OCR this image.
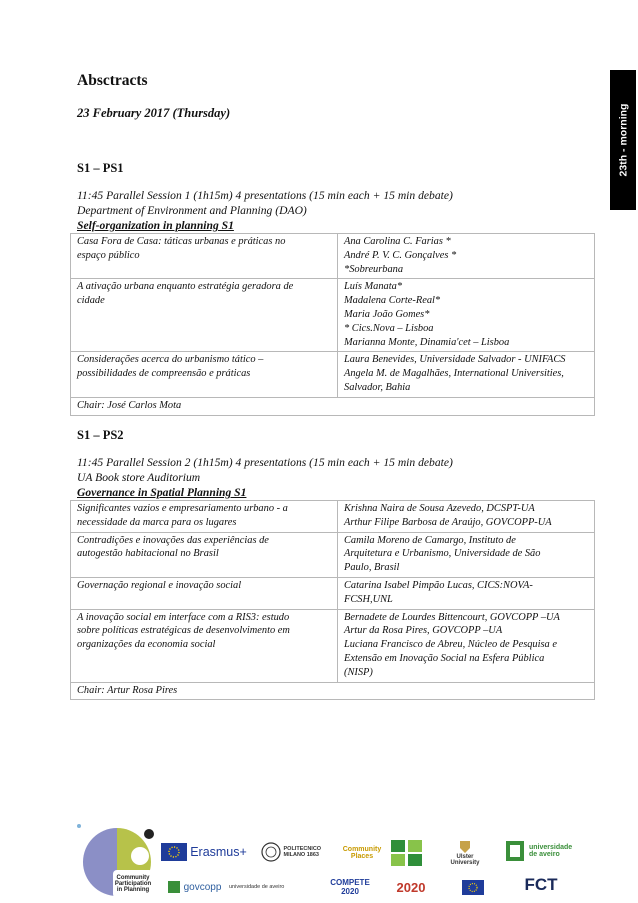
Absctracts
23 February 2017 (Thursday)	23th - morning
S1 – PS1
11:45 Parallel Session 1 (1h15m) 4 presentations (15 min each + 15 min debate)
Department of Environment and Planning (DAO)
Self-organization in planning S1
Casa Fora de Casa: táticas urbanas e práticas no
espaço público	Ana Carolina C. Farias *
André P. V. C. Gonçalves *
*Sobreurbana

A ativação urbana enquanto estratégia geradora de
cidade	Luís Manata*
Madalena Corte-Real*
Maria João Gomes*
* Cics.Nova – Lisboa
Marianna Monte, Dinamia'cet – Lisboa

Considerações acerca do urbanismo tático –
possibilidades de compreensão e práticas	Laura Benevides, Universidade Salvador - UNIFACS
Angela M. de Magalhães, International Universities,
Salvador, Bahia

Chair: José Carlos Mota	
S1 – PS2
11:45 Parallel Session 2 (1h15m) 4 presentations (15 min each + 15 min debate)
UA Book store Auditorium
Governance in Spatial Planning S1
Significantes vazios e empresariamento urbano - a
necessidade da marca para os lugares	Krishna Naira de Sousa Azevedo, DCSPT-UA
Arthur Filipe Barbosa de Araújo, GOVCOPP-UA

Contradições e inovações das experiências de
autogestão habitacional no Brasil	Camila Moreno de Camargo, Instituto de
Arquitetura e Urbanismo, Universidade de São
Paulo, Brasil

Governação regional e inovação social	Catarina Isabel Pimpão Lucas, CICS:NOVA-
FCSH,UNL

A inovação social em interface com a RIS3: estudo
sobre políticas estratégicas de desenvolvimento em
organizações da economia social	Bernadete de Lourdes Bittencourt, GOVCOPP –UA
Artur da Rosa Pires, GOVCOPP –UA
Luciana Francisco de Abreu, Núcleo de Pesquisa e
Extensão em Inovação Social na Esfera Pública
(NISP)

Chair: Artur Rosa Pires	
Community Participation in Planning
Erasmus+	POLITECNICO MILANO 1863
Community Places	Ulster University
universidade de aveiro
govcopp universidade de aveiro	COMPETE 2020	2020	FCT
